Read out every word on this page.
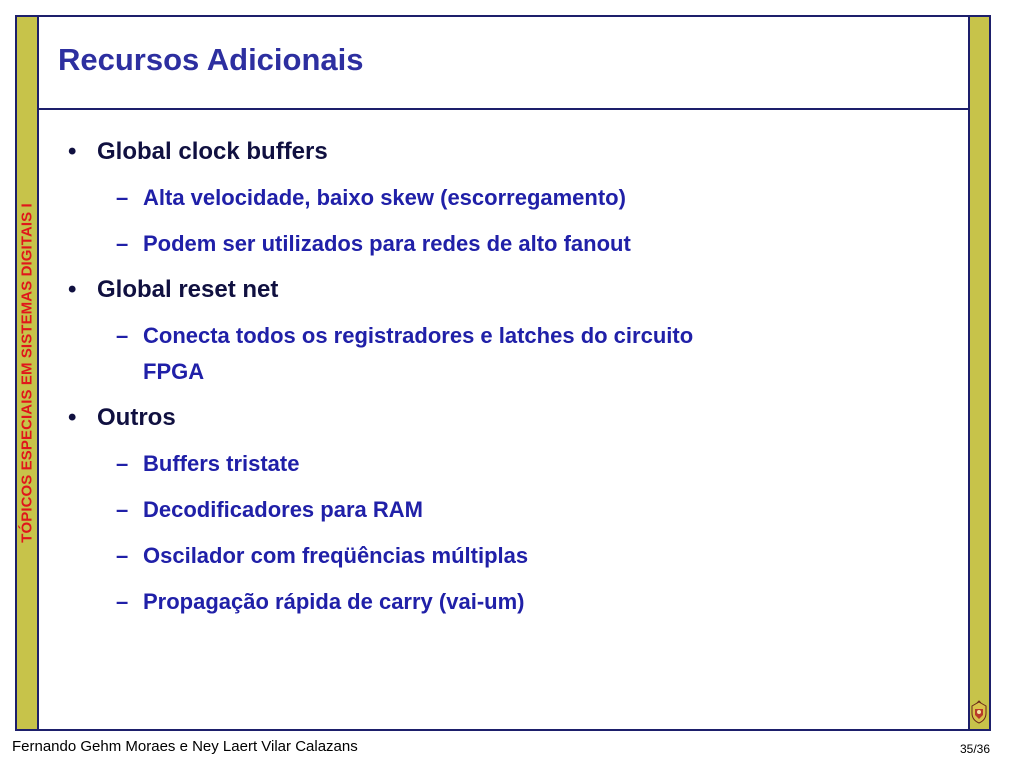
TÓPICOS ESPECIAIS EM SISTEMAS DIGITAIS I
Recursos Adicionais
• Global clock buffers
– Alta velocidade, baixo skew (escorregamento)
– Podem ser utilizados para redes de alto fanout
• Global reset net
– Conecta todos os registradores e latches do circuito FPGA
• Outros
– Buffers tristate
– Decodificadores para RAM
– Oscilador com freqüências múltiplas
– Propagação rápida de carry (vai-um)
Fernando Gehm Moraes e Ney Laert Vilar Calazans	35/36
